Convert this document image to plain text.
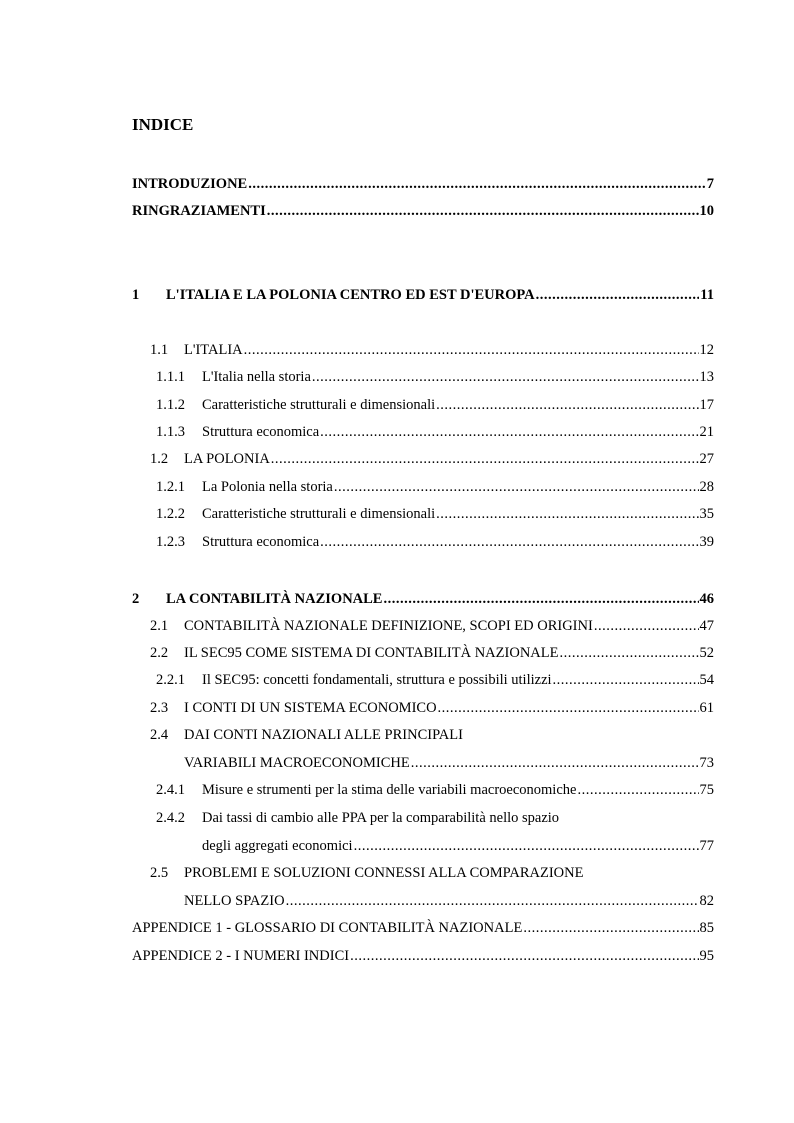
INDICE
INTRODUZIONE .....	7
RINGRAZIAMENTI .....	10
1	L'ITALIA E LA POLONIA CENTRO ED EST D'EUROPA .....	11
1.1	L'ITALIA .....	12
1.1.1	L'Italia nella storia .....	13
1.1.2	Caratteristiche strutturali e dimensionali .....	17
1.1.3	Struttura economica .....	21
1.2	LA POLONIA .....	27
1.2.1	La Polonia nella storia .....	28
1.2.2	Caratteristiche strutturali e dimensionali .....	35
1.2.3	Struttura economica .....	39
2	LA CONTABILITÀ NAZIONALE .....	46
2.1	CONTABILITÀ NAZIONALE DEFINIZIONE, SCOPI ED ORIGINI .....	47
2.2	IL SEC95 COME SISTEMA DI CONTABILITÀ NAZIONALE .....	52
2.2.1	Il SEC95: concetti fondamentali, struttura e possibili utilizzi .....	54
2.3	I CONTI DI UN SISTEMA ECONOMICO .....	61
2.4 DAI CONTI NAZIONALI ALLE PRINCIPALI
VARIABILI MACROECONOMICHE .....	73
2.4.1	Misure e strumenti per la stima delle variabili macroeconomiche .....	75
2.4.2 Dai tassi di cambio alle PPA per la comparabilità nello spazio
degli aggregati economici .....	77
2.5 PROBLEMI E SOLUZIONI CONNESSI ALLA COMPARAZIONE
NELLO SPAZIO .....	82
APPENDICE 1 - GLOSSARIO DI CONTABILITÀ NAZIONALE .....	85
APPENDICE 2 - I NUMERI INDICI .....	95
